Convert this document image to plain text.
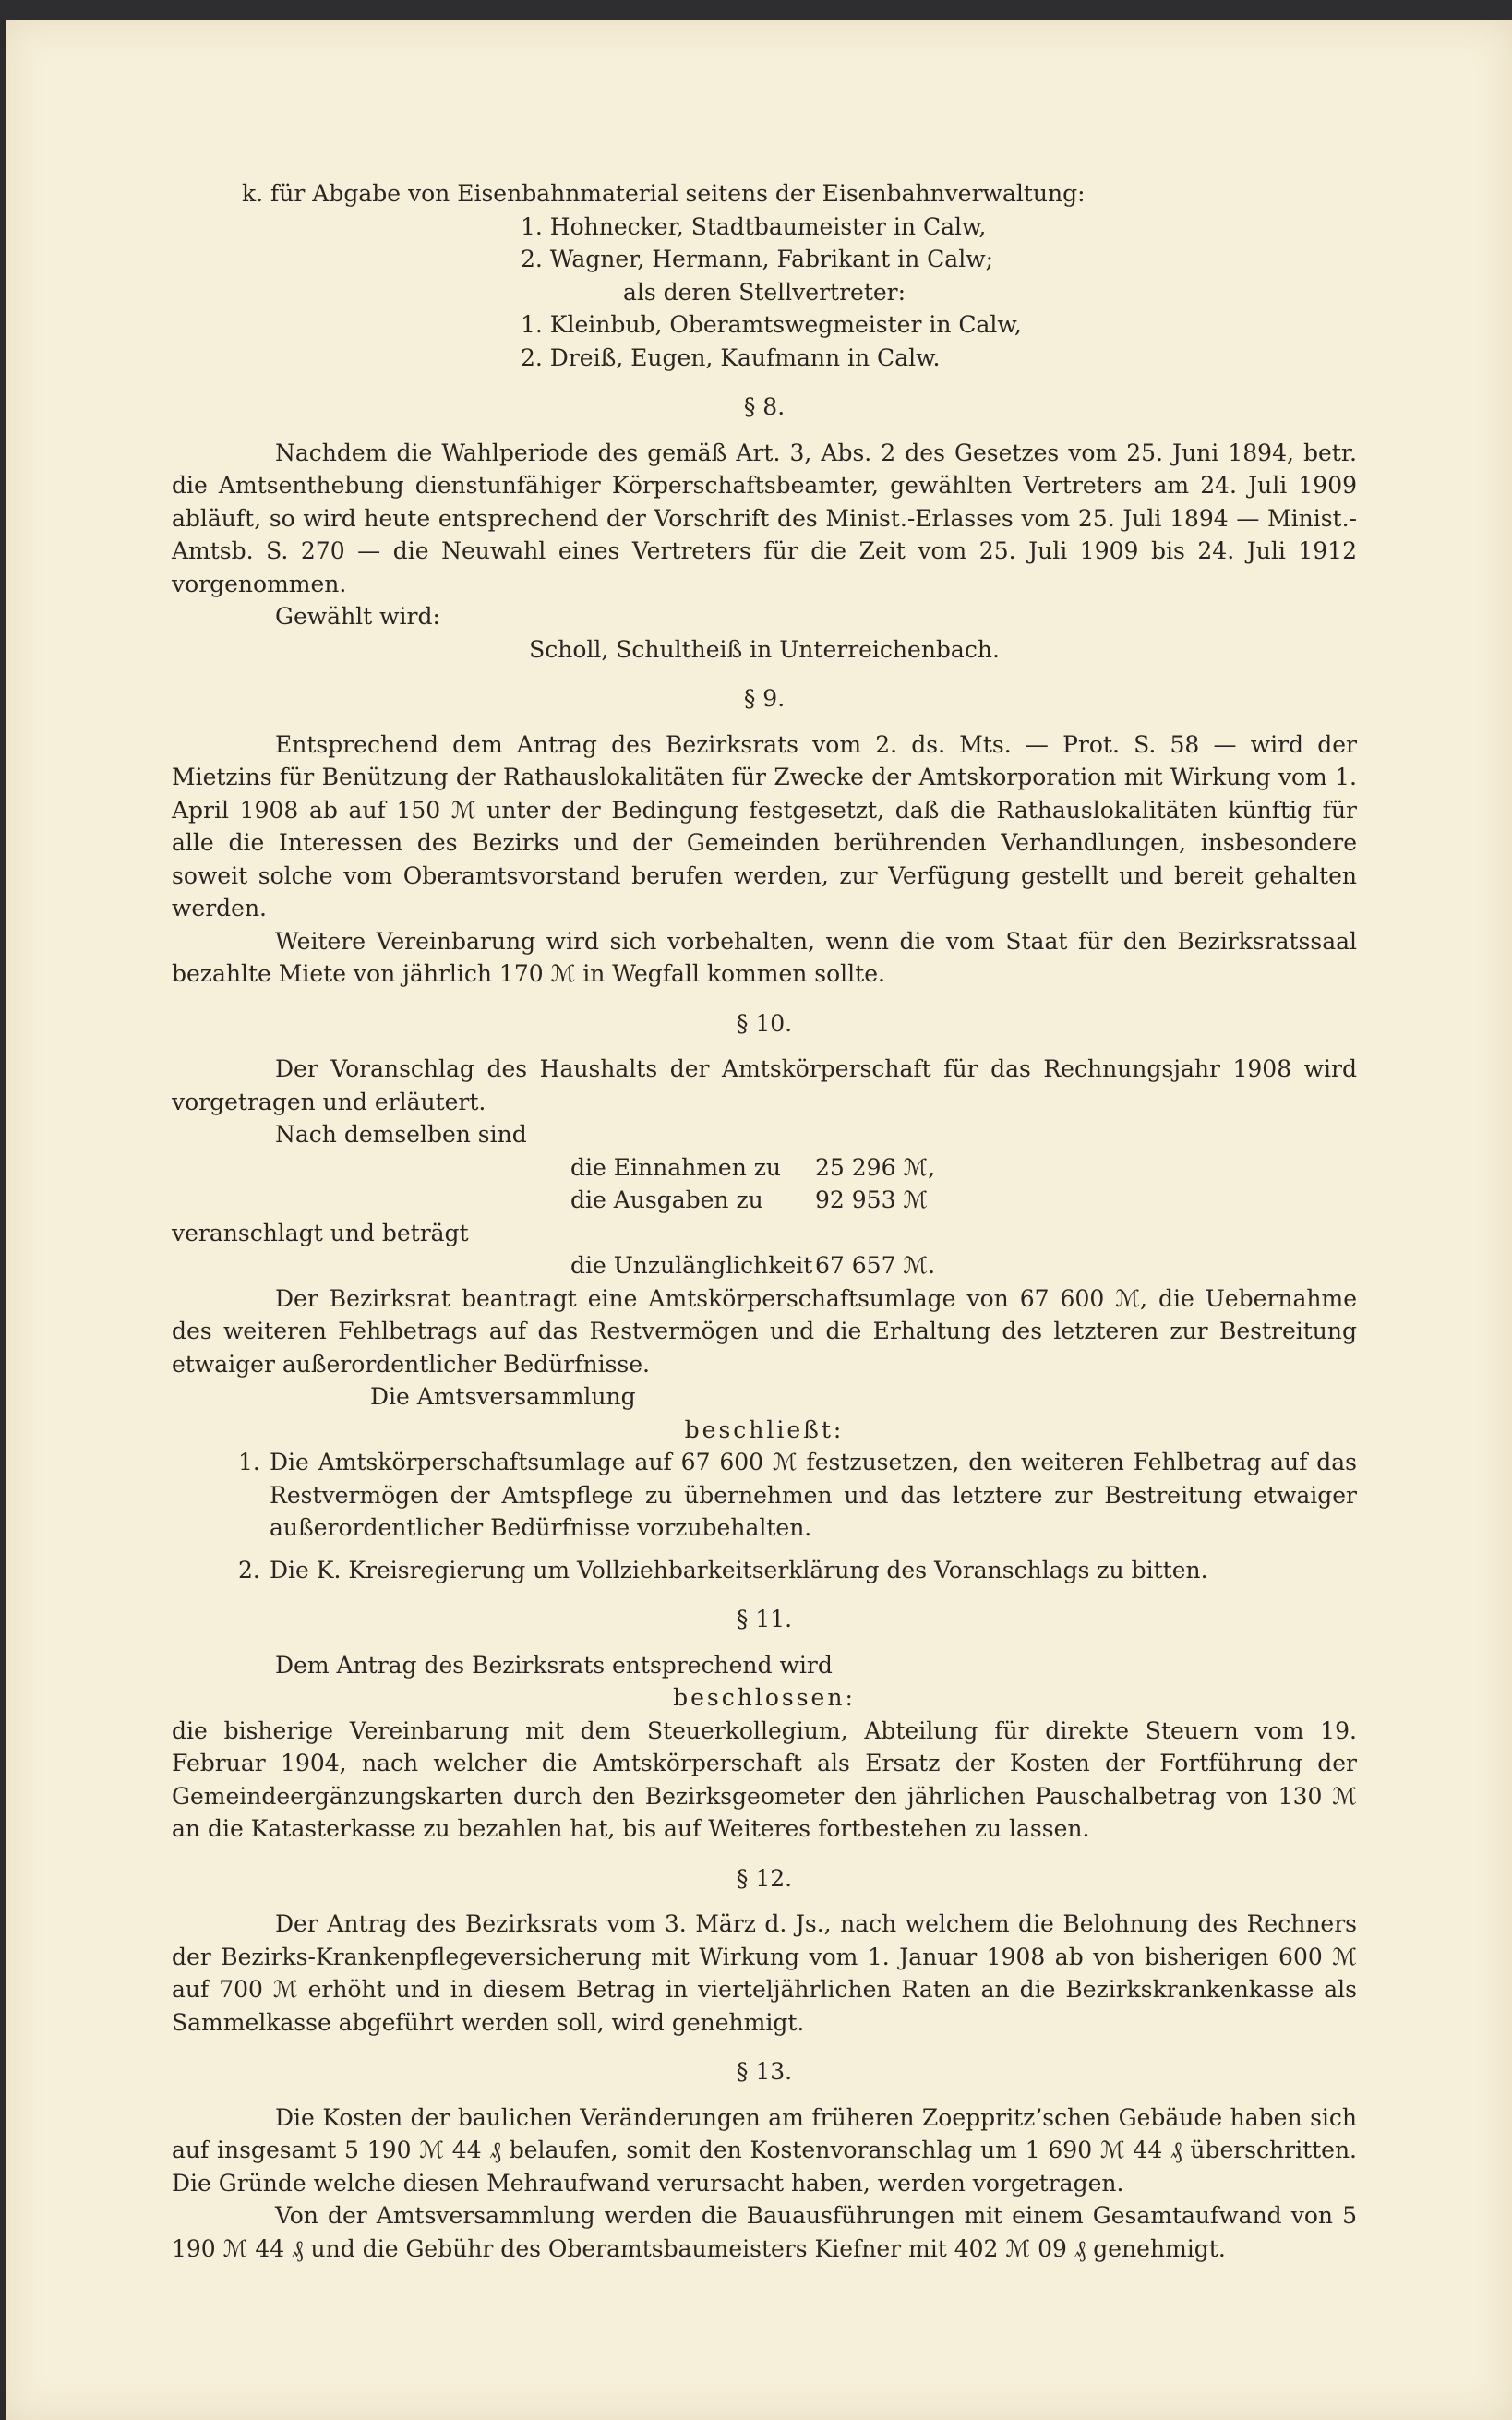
k. für Abgabe von Eisenbahnmaterial seitens der Eisenbahnverwaltung:

1. Hohnecker, Stadtbaumeister in Calw,
2. Wagner, Hermann, Fabrikant in Calw;

als deren Stellvertreter:

1. Kleinbub, Oberamtswegmeister in Calw,
2. Dreiß, Eugen, Kaufmann in Calw.

§ 8.

Nachdem die Wahlperiode des gemäß Art. 3, Abs. 2 des Gesetzes vom 25. Juni 1894, betr. die Amtsenthebung dienstunfähiger Körperschaftsbeamter, gewählten Vertreters am 24. Juli 1909 abläuft, so wird heute entsprechend der Vorschrift des Minist.-Erlasses vom 25. Juli 1894 — Minist.-Amtsb. S. 270 — die Neuwahl eines Vertreters für die Zeit vom 25. Juli 1909 bis 24. Juli 1912 vorgenommen.

Gewählt wird:

Scholl, Schultheiß in Unterreichenbach.

§ 9.

Entsprechend dem Antrag des Bezirksrats vom 2. ds. Mts. — Prot. S. 58 — wird der Mietzins für Benützung der Rathauslokalitäten für Zwecke der Amtskorporation mit Wirkung vom 1. April 1908 ab auf 150 ℳ unter der Bedingung festgesetzt, daß die Rathauslokalitäten künftig für alle die Interessen des Bezirks und der Gemeinden berührenden Verhandlungen, insbesondere soweit solche vom Oberamtsvorstand berufen werden, zur Verfügung gestellt und bereit gehalten werden.

Weitere Vereinbarung wird sich vorbehalten, wenn die vom Staat für den Bezirksratssaal bezahlte Miete von jährlich 170 ℳ in Wegfall kommen sollte.

§ 10.

Der Voranschlag des Haushalts der Amtskörperschaft für das Rechnungsjahr 1908 wird vorgetragen und erläutert.

Nach demselben sind

die Einnahmen zu	25 296 ℳ,
die Ausgaben zu	92 953 ℳ

veranschlagt und beträgt

die Unzulänglichkeit 67 657 ℳ.

Der Bezirksrat beantragt eine Amtskörperschaftsumlage von 67 600 ℳ, die Uebernahme des weiteren Fehlbetrags auf das Restvermögen und die Erhaltung des letzteren zur Bestreitung etwaiger außerordentlicher Bedürfnisse.

Die Amtsversammlung

beschließt:

1. Die Amtskörperschaftsumlage auf 67 600 ℳ festzusetzen, den weiteren Fehlbetrag auf das Restvermögen der Amtspflege zu übernehmen und das letztere zur Bestreitung etwaiger außerordentlicher Bedürfnisse vorzubehalten.
2. Die K. Kreisregierung um Vollziehbarkeitserklärung des Voranschlags zu bitten.

§ 11.

Dem Antrag des Bezirksrats entsprechend wird

beschlossen:

die bisherige Vereinbarung mit dem Steuerkollegium, Abteilung für direkte Steuern vom 19. Februar 1904, nach welcher die Amtskörperschaft als Ersatz der Kosten der Fortführung der Gemeindeergänzungskarten durch den Bezirksgeometer den jährlichen Pauschalbetrag von 130 ℳ an die Katasterkasse zu bezahlen hat, bis auf Weiteres fortbestehen zu lassen.

§ 12.

Der Antrag des Bezirksrats vom 3. März d. Js., nach welchem die Belohnung des Rechners der Bezirks-Krankenpflegeversicherung mit Wirkung vom 1. Januar 1908 ab von bisherigen 600 ℳ auf 700 ℳ erhöht und in diesem Betrag in vierteljährlichen Raten an die Bezirkskrankenkasse als Sammelkasse abgeführt werden soll, wird genehmigt.

§ 13.

Die Kosten der baulichen Veränderungen am früheren Zoeppritz’schen Gebäude haben sich auf insgesamt 5 190 ℳ 44 ₰ belaufen, somit den Kostenvoranschlag um 1 690 ℳ 44 ₰ überschritten. Die Gründe welche diesen Mehraufwand verursacht haben, werden vorgetragen.

Von der Amtsversammlung werden die Bauausführungen mit einem Gesamtaufwand von 5 190 ℳ 44 ₰ und die Gebühr des Oberamtsbaumeisters Kiefner mit 402 ℳ 09 ₰ genehmigt.
